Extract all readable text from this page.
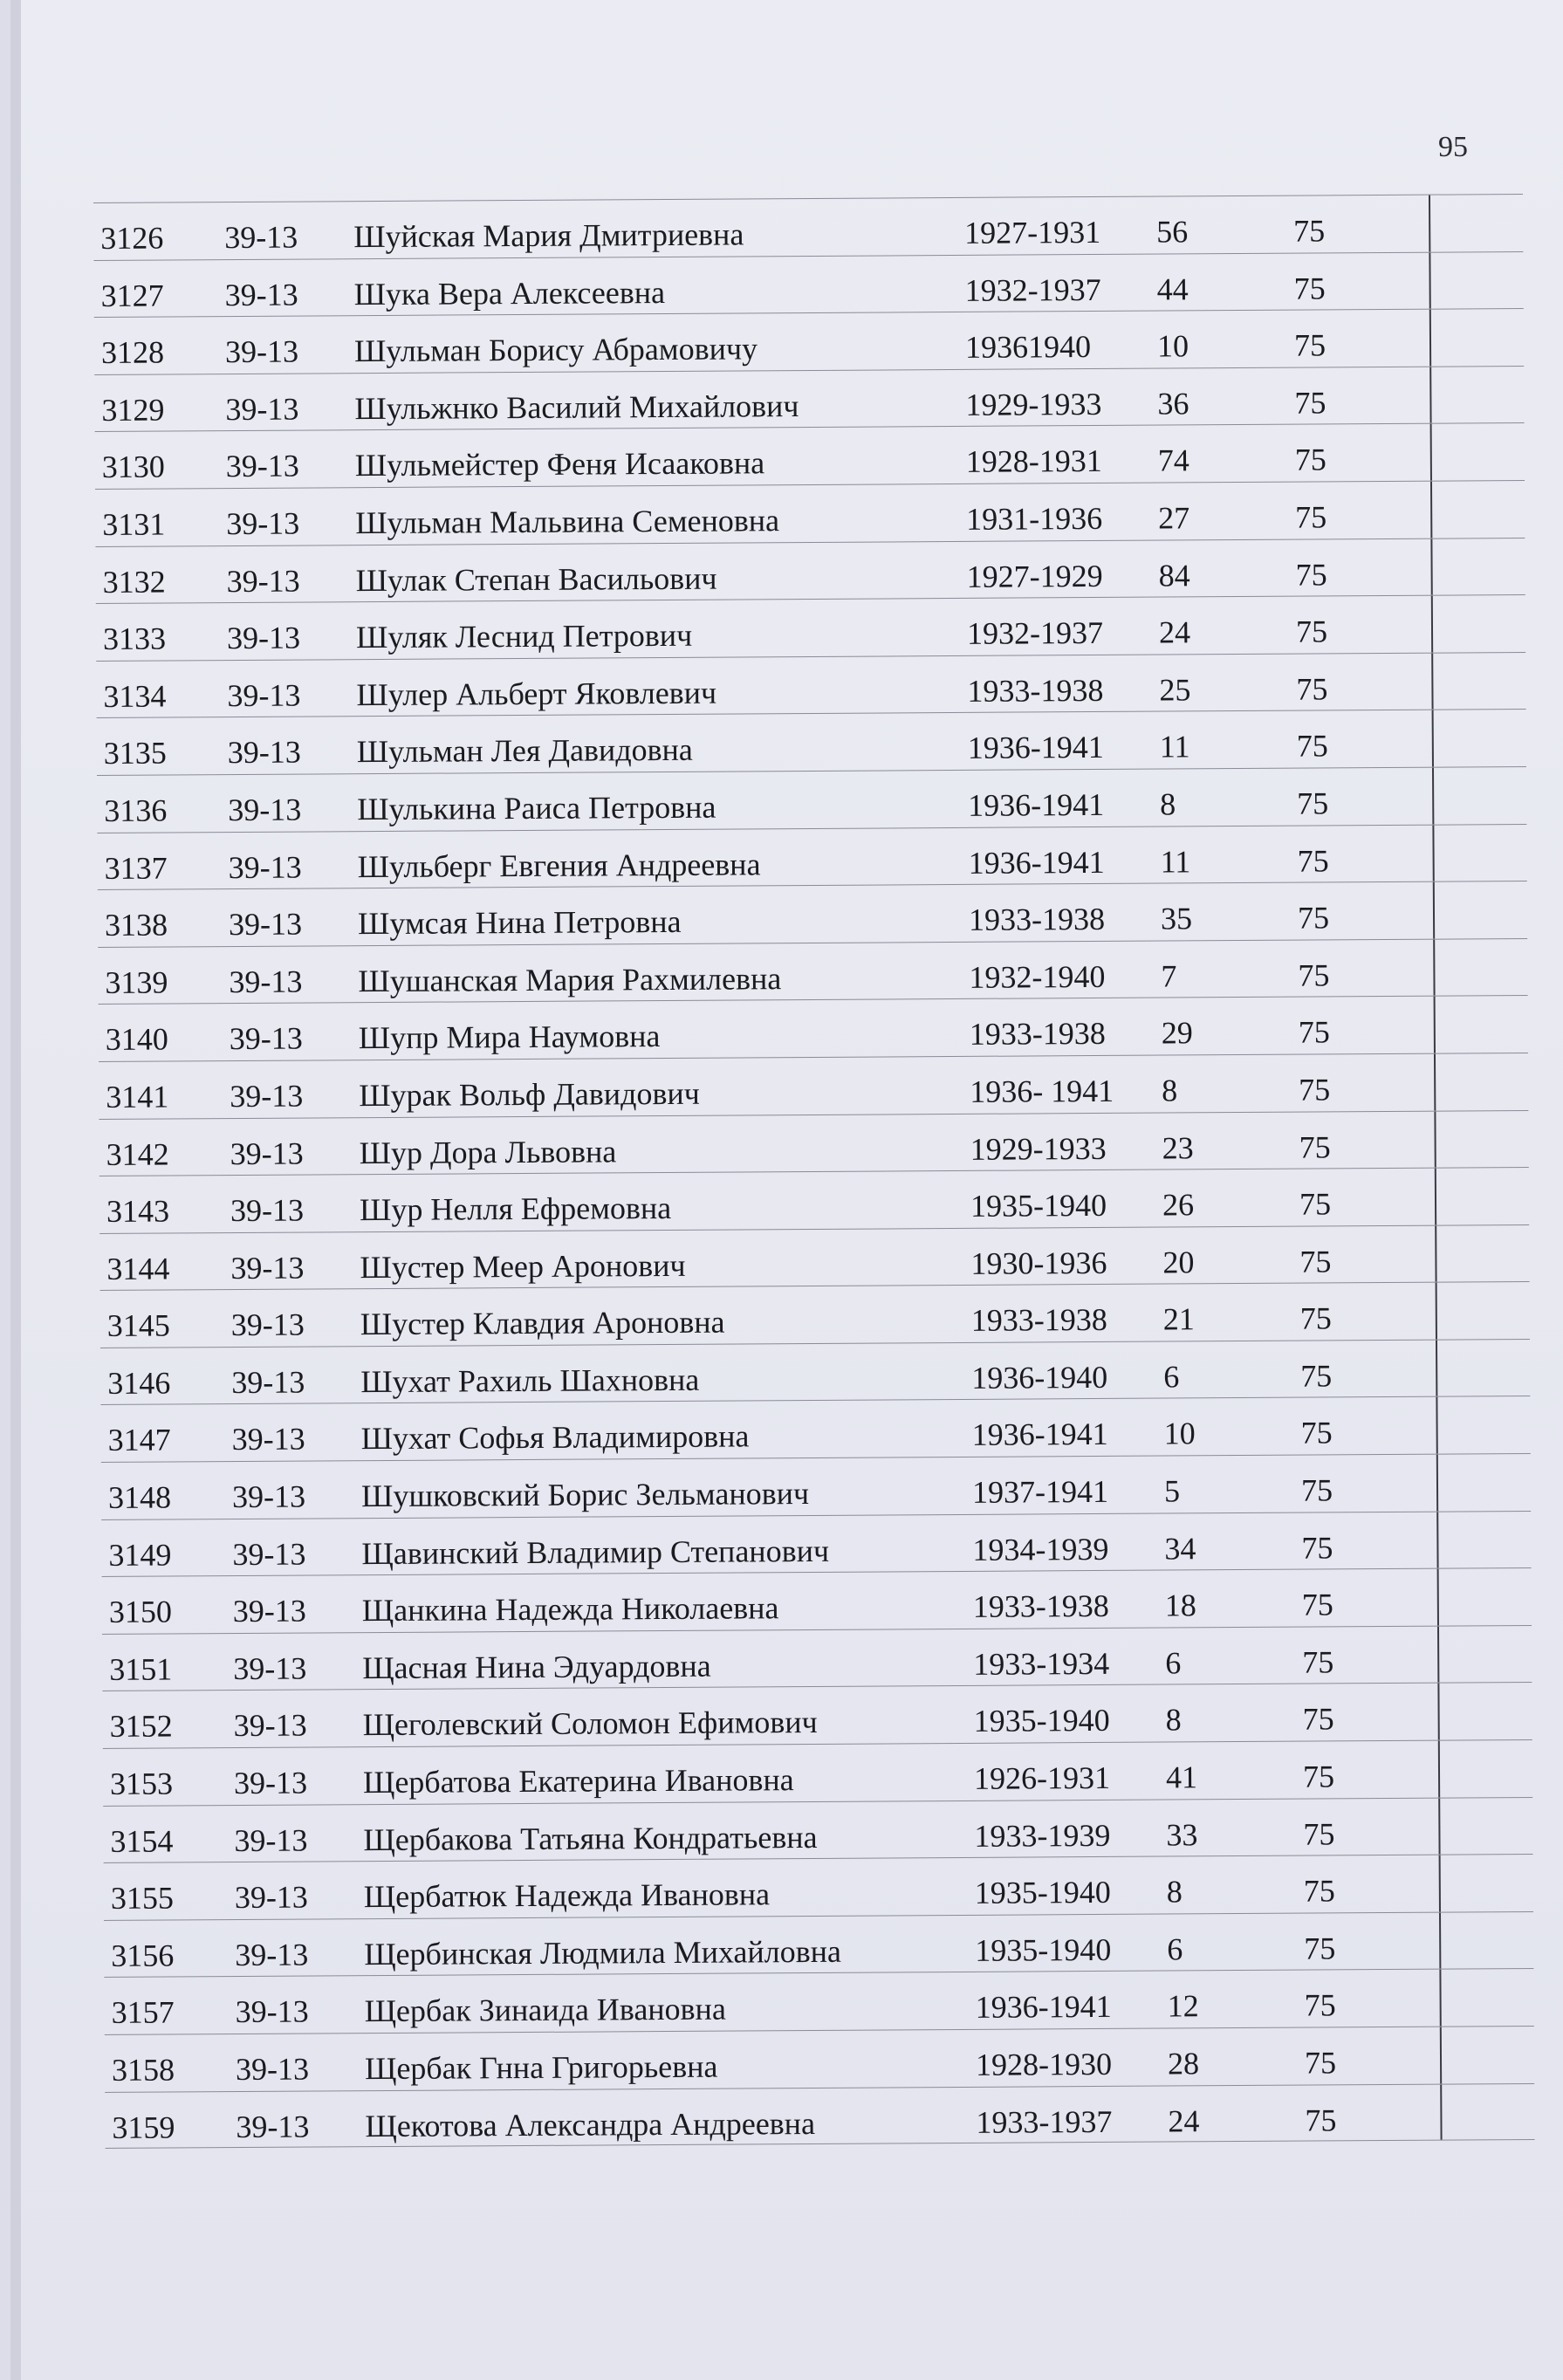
95
3126 39-13 Шуйская Мария Дмитриевна	1927-1931 56	75
3127 39-13 Шука Вера Алексеевна	1932-1937 44	75
3128 39-13 Шульман Борису Абрамовичу	19361940 10	75
3129 39-13 Шульжнко Василий Михайлович	1929-1933 36	75
3130 39-13 Шульмейстер Феня Исааковна	1928-1931 74	75
3131 39-13 Шульман Мальвина Семеновна	1931-1936 27	75
3132 39-13 Шулак Степан Васильович	1927-1929 84	75
3133 39-13 Шуляк Леснид Петрович	1932-1937 24	75
3134 39-13 Шулер Альберт Яковлевич	1933-1938 25	75
3135 39-13 Шульман Лея Давидовна	1936-1941 11	75
3136 39-13 Шулькина Раиса Петровна	1936-1941 8	75
3137 39-13 Шульберг Евгения Андреевна	1936-1941 11	75
3138 39-13 Шумсая Нина Петровна	1933-1938 35	75
3139 39-13 Шушанская Мария Рахмилевна	1932-1940 7	75
3140 39-13 Шупр Мира Наумовна	1933-1938 29	75
3141 39-13 Шурак Вольф Давидович	1936- 1941 8	75
3142 39-13 Шур Дора Львовна	1929-1933 23	75
3143 39-13 Шур Нелля Ефремовна	1935-1940 26	75
3144 39-13 Шустер Меер Аронович	1930-1936 20	75
3145 39-13 Шустер Клавдия Ароновна	1933-1938 21	75
3146 39-13 Шухат Рахиль Шахновна	1936-1940 6	75
3147 39-13 Шухат Софья Владимировна	1936-1941 10	75
3148 39-13 Шушковский Борис Зельманович	1937-1941 5	75
3149 39-13 Щавинский Владимир Степанович	1934-1939 34	75
3150 39-13 Щанкина Надежда Николаевна	1933-1938 18	75
3151 39-13 Щасная Нина Эдуардовна	1933-1934 6	75
3152 39-13 Щеголевский Соломон Ефимович	1935-1940 8	75
3153 39-13 Щербатова Екатерина Ивановна	1926-1931 41	75
3154 39-13 Щербакова Татьяна Кондратьевна	1933-1939 33	75
3155 39-13 Щербатюк Надежда Ивановна	1935-1940 8	75
3156 39-13 Щербинская Людмила Михайловна	1935-1940 6	75
3157 39-13 Щербак Зинаида Ивановна	1936-1941 12	75
3158 39-13 Щербак Гнна Григорьевна	1928-1930 28	75
3159 39-13 Щекотова Александра Андреевна	1933-1937 24	75
